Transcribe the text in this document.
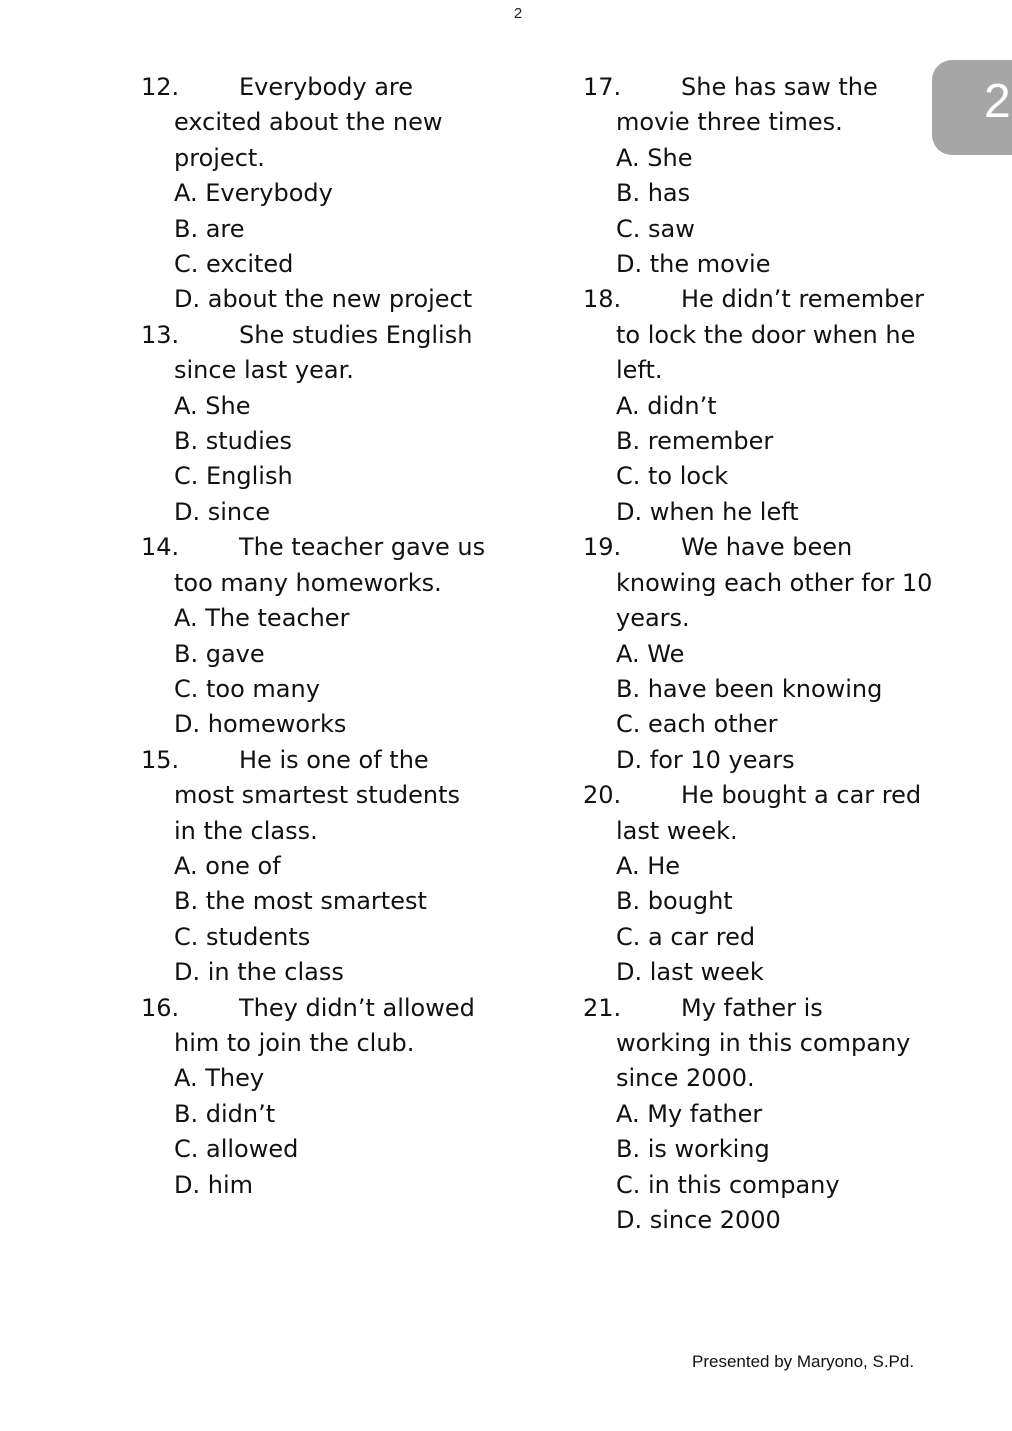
2
2
12.	Everybody are
excited about the new
project.
A. Everybody
B. are
C. excited
D. about the new project
13.	She studies English
since last year.
A. She
B. studies
C. English
D. since
14.	The teacher gave us
too many homeworks.
A. The teacher
B. gave
C. too many
D. homeworks
15.	He is one of the
most smartest students
in the class.
A. one of
B. the most smartest
C. students
D. in the class
16.	They didn’t allowed
him to join the club.
A. They
B. didn’t
C. allowed
D. him
17.	She has saw the
movie three times.
A. She
B. has
C. saw
D. the movie
18.	He didn’t remember
to lock the door when he
left.
A. didn’t
B. remember
C. to lock
D. when he left
19.	We have been
knowing each other for 10
years.
A. We
B. have been knowing
C. each other
D. for 10 years
20.	He bought a car red
last week.
A. He
B. bought
C. a car red
D. last week
21.	My father is
working in this company
since 2000.
A. My father
B. is working
C. in this company
D. since 2000
Presented by Maryono, S.Pd.
